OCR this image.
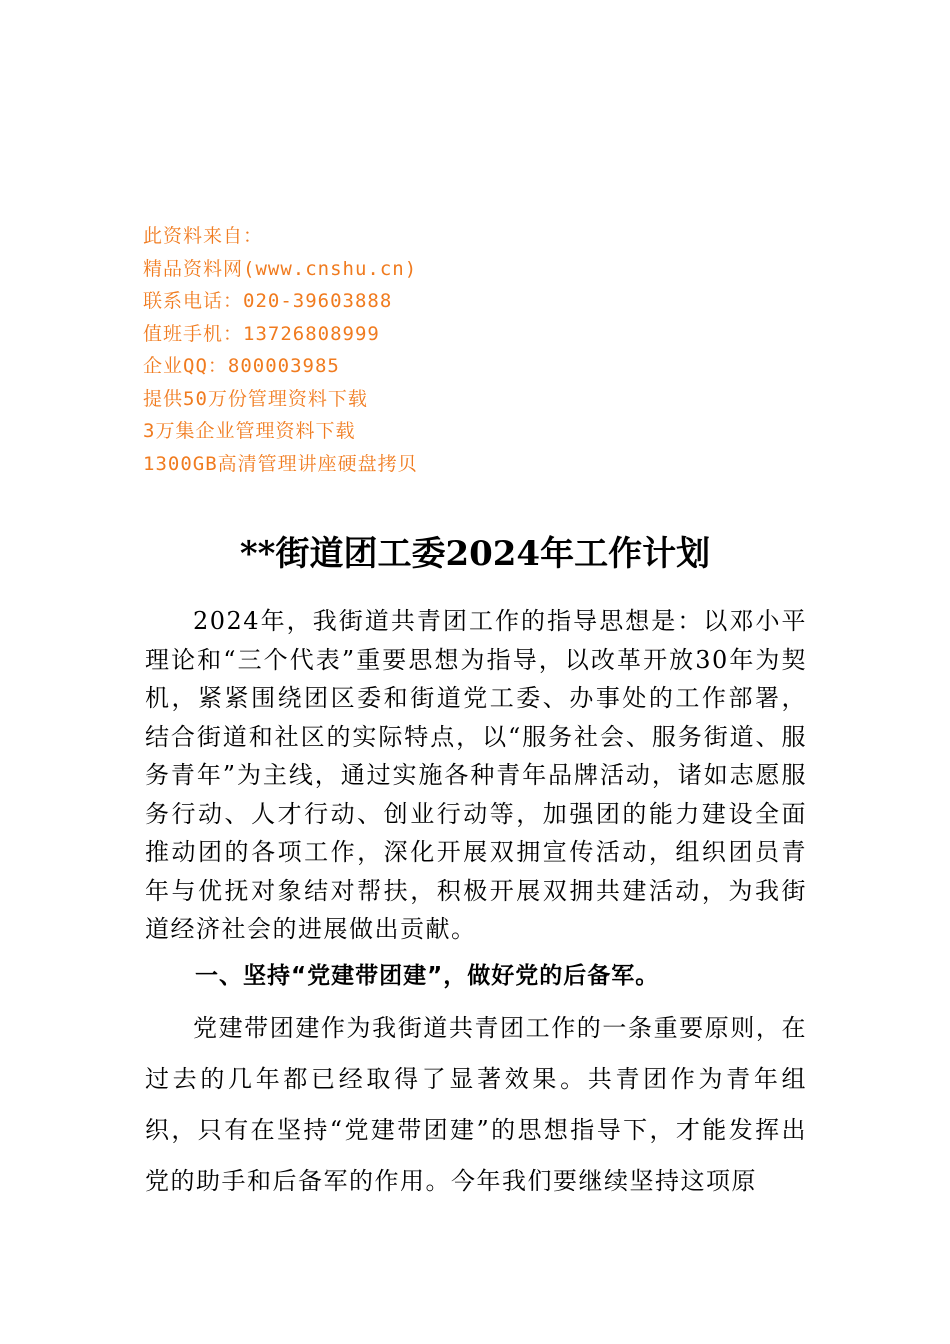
此资料来自：

精品资料网(www.cnshu.cn)

联系电话：020-39603888

值班手机：13726808999

企业QQ：800003985

提供50万份管理资料下载

3万集企业管理资料下载

1300GB高清管理讲座硬盘拷贝

**街道团工委2024年工作计划

2024年，我街道共青团工作的指导思想是：以邓小平理论和“三个代表”重要思想为指导，以改革开放30年为契机，紧紧围绕团区委和街道党工委、办事处的工作部署，结合街道和社区的实际特点，以“服务社会、服务街道、服务青年”为主线，通过实施各种青年品牌活动，诸如志愿服务行动、人才行动、创业行动等，加强团的能力建设全面推动团的各项工作，深化开展双拥宣传活动，组织团员青年与优抚对象结对帮扶，积极开展双拥共建活动，为我街道经济社会的进展做出贡献。

一、坚持“党建带团建”，做好党的后备军。

党建带团建作为我街道共青团工作的一条重要原则，在过去的几年都已经取得了显著效果。共青团作为青年组织，只有在坚持“党建带团建”的思想指导下，才能发挥出党的助手和后备军的作用。今年我们要继续坚持这项原
